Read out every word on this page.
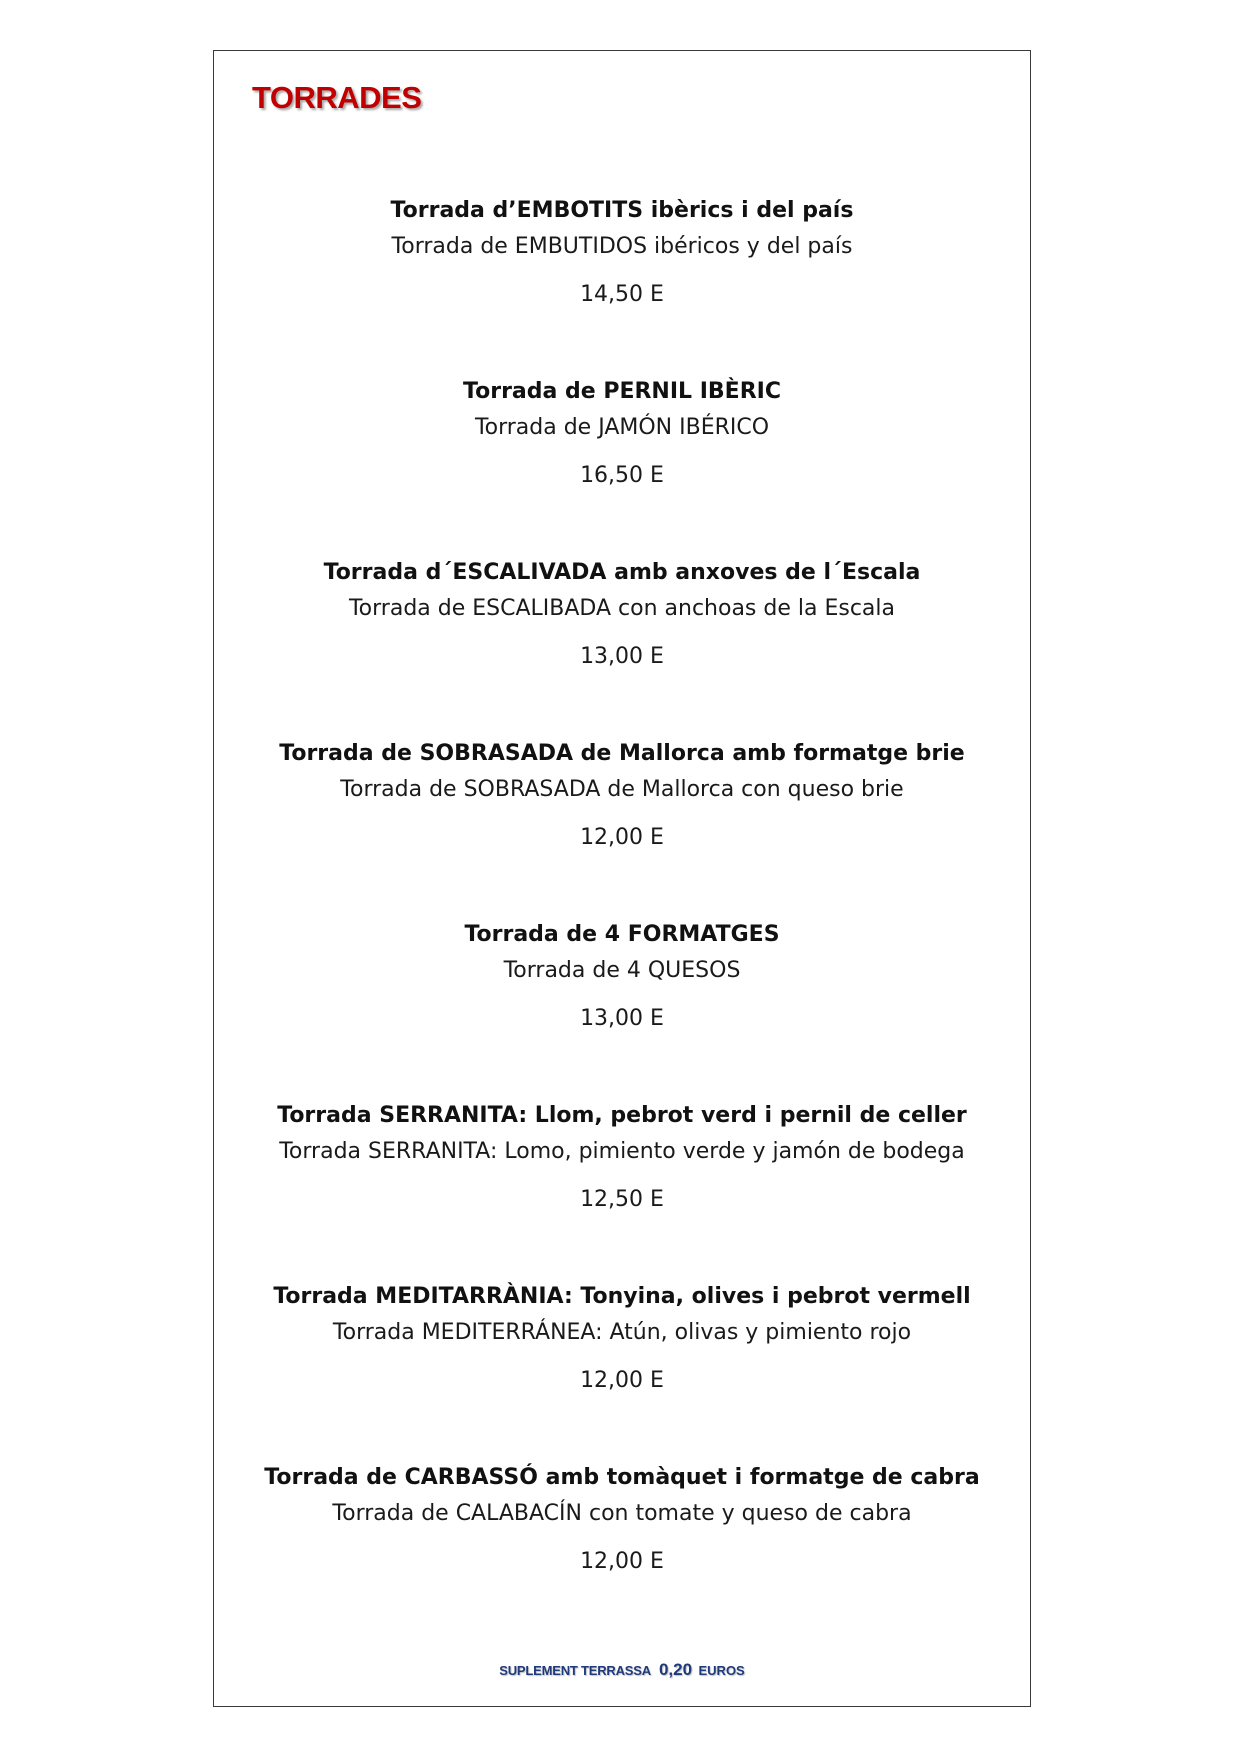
TORRADES
Torrada d’EMBOTITS ibèrics i del país
Torrada de EMBUTIDOS ibéricos y del país
14,50 E
Torrada de PERNIL IBÈRIC
Torrada de JAMÓN IBÉRICO
16,50 E
Torrada d´ESCALIVADA amb anxoves de l´Escala
Torrada de ESCALIBADA con anchoas de la Escala
13,00 E
Torrada de SOBRASADA de Mallorca amb formatge brie
Torrada de SOBRASADA de Mallorca con queso brie
12,00 E
Torrada de 4 FORMATGES
Torrada de 4 QUESOS
13,00 E
Torrada SERRANITA: Llom, pebrot verd i pernil de celler
Torrada SERRANITA: Lomo, pimiento verde y jamón de bodega
12,50 E
Torrada MEDITARRÀNIA: Tonyina, olives i pebrot vermell
Torrada MEDITERRÁNEA: Atún, olivas y pimiento rojo
12,00 E
Torrada de CARBASSÓ amb tomàquet i formatge de cabra
Torrada de CALABACÍN con tomate y queso de cabra
12,00 E
SUPLEMENT TERRASSA 0,20 EUROS
